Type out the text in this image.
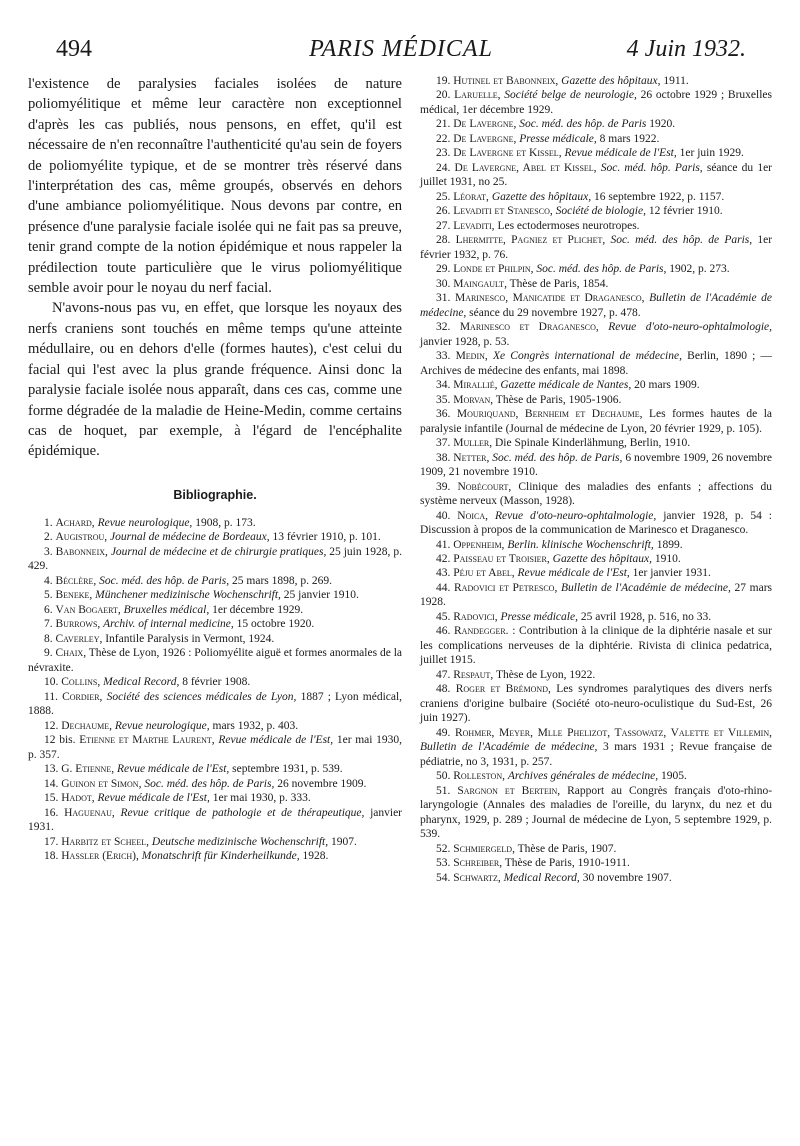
494	PARIS MÉDICAL	4 Juin 1932.

l'existence de paralysies faciales isolées de nature poliomyélitique et même leur caractère non exceptionnel d'après les cas publiés, nous pensons, en effet, qu'il est nécessaire de n'en reconnaître l'authenticité qu'au sein de foyers de poliomyélite typique, et de se montrer très réservé dans l'interprétation des cas, même groupés, observés en dehors d'une ambiance poliomyélitique. Nous devons par contre, en présence d'une paralysie faciale isolée qui ne fait pas sa preuve, tenir grand compte de la notion épidémique et nous rappeler la prédilection toute particulière que le virus poliomyélitique semble avoir pour le noyau du nerf facial.

N'avons-nous pas vu, en effet, que lorsque les noyaux des nerfs craniens sont touchés en même temps qu'une atteinte médullaire, ou en dehors d'elle (formes hautes), c'est celui du facial qui l'est avec la plus grande fréquence. Ainsi donc la paralysie faciale isolée nous apparaît, dans ces cas, comme une forme dégradée de la maladie de Heine-Medin, comme certains cas de hoquet, par exemple, à l'égard de l'encéphalite épidémique.

Bibliographie.
1. Achard, Revue neurologique, 1908, p. 173.
2. Augistrou, Journal de médecine de Bordeaux, 13 février 1910, p. 101.
3. Babonneix, Journal de médecine et de chirurgie pratiques, 25 juin 1928, p. 429.
4. Béclère, Soc. méd. des hôp. de Paris, 25 mars 1898, p. 269.
5. Beneke, Münchener medizinische Wochenschrift, 25 janvier 1910.
6. Van Bogaert, Bruxelles médical, 1er décembre 1929.
7. Burrows, Archiv. of internal medicine, 15 octobre 1920.
8. Caverley, Infantile Paralysis in Vermont, 1924.
9. Chaix, Thèse de Lyon, 1926 : Poliomyélite aiguë et formes anormales de la névraxite.
10. Collins, Medical Record, 8 février 1908.
11. Cordier, Société des sciences médicales de Lyon, 1887 ; Lyon médical, 1888.
12. Dechaume, Revue neurologique, mars 1932, p. 403.
12 bis. Etienne et Marthe Laurent, Revue médicale de l'Est, 1er mai 1930, p. 357.
13. G. Etienne, Revue médicale de l'Est, septembre 1931, p. 539.
14. Guinon et Simon, Soc. méd. des hôp. de Paris, 26 novembre 1909.
15. Hadot, Revue médicale de l'Est, 1er mai 1930, p. 333.
16. Haguenau, Revue critique de pathologie et de thérapeutique, janvier 1931.
17. Harbitz et Scheel, Deutsche medizinische Wochenschrift, 1907.
18. Hassler (Erich), Monatschrift für Kinderheilkunde, 1928.
19. Hutinel et Babonneix, Gazette des hôpitaux, 1911.
20. Laruelle, Société belge de neurologie, 26 octobre 1929 ; Bruxelles médical, 1er décembre 1929.
21. De Lavergne, Soc. méd. des hôp. de Paris 1920.
22. De Lavergne, Presse médicale, 8 mars 1922.
23. De Lavergne et Kissel, Revue médicale de l'Est, 1er juin 1929.
24. De Lavergne, Abel et Kissel, Soc. méd. hôp. Paris, séance du 1er juillet 1931, no 25.
25. Léorat, Gazette des hôpitaux, 16 septembre 1922, p. 1157.
26. Levaditi et Stanesco, Société de biologie, 12 février 1910.
27. Levaditi, Les ectodermoses neurotropes.
28. Lhermitte, Pagniez et Plichet, Soc. méd. des hôp. de Paris, 1er février 1932, p. 76.
29. Londe et Philpin, Soc. méd. des hôp. de Paris, 1902, p. 273.
30. Maingault, Thèse de Paris, 1854.
31. Marinesco, Manicatide et Draganesco, Bulletin de l'Académie de médecine, séance du 29 novembre 1927, p. 478.
32. Marinesco et Draganesco, Revue d'oto-neuro-ophtalmologie, janvier 1928, p. 53.
33. Medin, Xe Congrès international de médecine, Berlin, 1890 ; — Archives de médecine des enfants, mai 1898.
34. Mirallié, Gazette médicale de Nantes, 20 mars 1909.
35. Morvan, Thèse de Paris, 1905-1906.
36. Mouriquand, Bernheim et Dechaume, Les formes hautes de la paralysie infantile (Journal de médecine de Lyon, 20 février 1929, p. 105).
37. Muller, Die Spinale Kinderlähmung, Berlin, 1910.
38. Netter, Soc. méd. des hôp. de Paris, 6 novembre 1909, 26 novembre 1909, 21 novembre 1910.
39. Nobécourt, Clinique des maladies des enfants ; affections du système nerveux (Masson, 1928).
40. Noica, Revue d'oto-neuro-ophtalmologie, janvier 1928, p. 54 : Discussion à propos de la communication de Marinesco et Draganesco.
41. Oppenheim, Berlin. klinische Wochenschrift, 1899.
42. Paisseau et Troisier, Gazette des hôpitaux, 1910.
43. Péju et Abel, Revue médicale de l'Est, 1er janvier 1931.
44. Radovici et Petresco, Bulletin de l'Académie de médecine, 27 mars 1928.
45. Radovici, Presse médicale, 25 avril 1928, p. 516, no 33.
46. Randegger. : Contribution à la clinique de la diphtérie nasale et sur les complications nerveuses de la diphtérie. Rivista di clinica pedatrica, juillet 1915.
47. Respaut, Thèse de Lyon, 1922.
48. Roger et Brémond, Les syndromes paralytiques des divers nerfs craniens d'origine bulbaire (Société oto-neuro-oculistique du Sud-Est, 26 juin 1927).
49. Rohmer, Meyer, Mlle Phelizot, Tassowatz, Valette et Villemin, Bulletin de l'Académie de médecine, 3 mars 1931 ; Revue française de pédiatrie, no 3, 1931, p. 257.
50. Rolleston, Archives générales de médecine, 1905.
51. Sargnon et Bertein, Rapport au Congrès français d'oto-rhino-laryngologie (Annales des maladies de l'oreille, du larynx, du nez et du pharynx, 1929, p. 289 ; Journal de médecine de Lyon, 5 septembre 1929, p. 539.
52. Schmiergeld, Thèse de Paris, 1907.
53. Schreiber, Thèse de Paris, 1910-1911.
54. Schwartz, Medical Record, 30 novembre 1907.
